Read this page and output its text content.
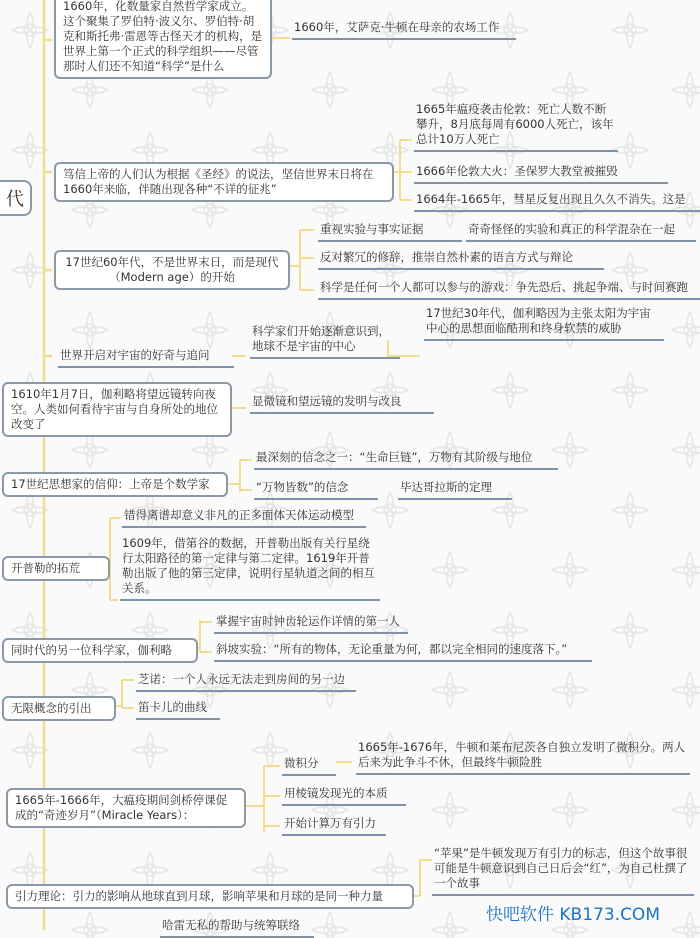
代
1660年，化数量家自然哲学家成立。这个聚集了罗伯特·波义尔、罗伯特·胡克和斯托弗·雷恩等古怪天才的机构，是世界上第一个正式的科学组织——尽管那时人们还不知道“科学”是什么
1660年，艾萨克·牛顿在母亲的农场工作
笃信上帝的人们认为根据《圣经》的说法，坚信世界末日将在1660年来临，伴随出现各种“不详的征兆”
1665年瘟疫袭击伦敦：死亡人数不断攀升，8月底每周有6000人死亡，该年总计10万人死亡
1666年伦敦大火：圣保罗大教堂被摧毁
1664年-1665年，彗星反复出现且久久不消失。这是
17世纪60年代，不是世界末日，而是现代（Modern age）的开始
重视实验与事实证据	奇奇怪怪的实验和真正的科学混杂在一起
反对繁冗的修辞，推崇自然朴素的语言方式与辩论
科学是任何一个人都可以参与的游戏：争先恐后、挑起争端、与时间赛跑
世界开启对宇宙的好奇与追问
科学家们开始逐渐意识到，地球不是宇宙的中心
17世纪30年代，伽利略因为主张太阳为宇宙中心的思想面临酷刑和终身软禁的威胁
1610年1月7日，伽利略将望远镜转向夜空。人类如何看待宇宙与自身所处的地位改变了
显微镜和望远镜的发明与改良
17世纪思想家的信仰：上帝是个数学家
最深刻的信念之一：“生命巨链”，万物有其阶级与地位
“万物皆数”的信念	毕达哥拉斯的定理
开普勒的拓荒
错得离谱却意义非凡的正多面体天体运动模型
1609年，借第谷的数据，开普勒出版有关行星绕行太阳路径的第一定律与第二定律。1619年开普勒出版了他的第三定律，说明行星轨道之间的相互关系。
同时代的另一位科学家，伽利略
掌握宇宙时钟齿轮运作详情的第一人
斜坡实验：“所有的物体，无论重量为何，都以完全相同的速度落下。”
无限概念的引出
芝诺：一个人永远无法走到房间的另一边
笛卡儿的曲线
1665年-1666年，大瘟疫期间剑桥停课促成的“奇迹岁月”（Miracle Years）：
微积分
1665年-1676年，牛顿和莱布尼茨各自独立发明了微积分。两人后来为此争斗不休，但最终牛顿险胜
用棱镜发现光的本质
开始计算万有引力
引力理论：引力的影响从地球直到月球，影响苹果和月球的是同一种力量
“苹果”是牛顿发现万有引力的标志，但这个故事很可能是牛顿意识到自己日后会“红”，为自己杜撰了一个故事
哈雷无私的帮助与统筹联络	快吧软件 KB173.COM
